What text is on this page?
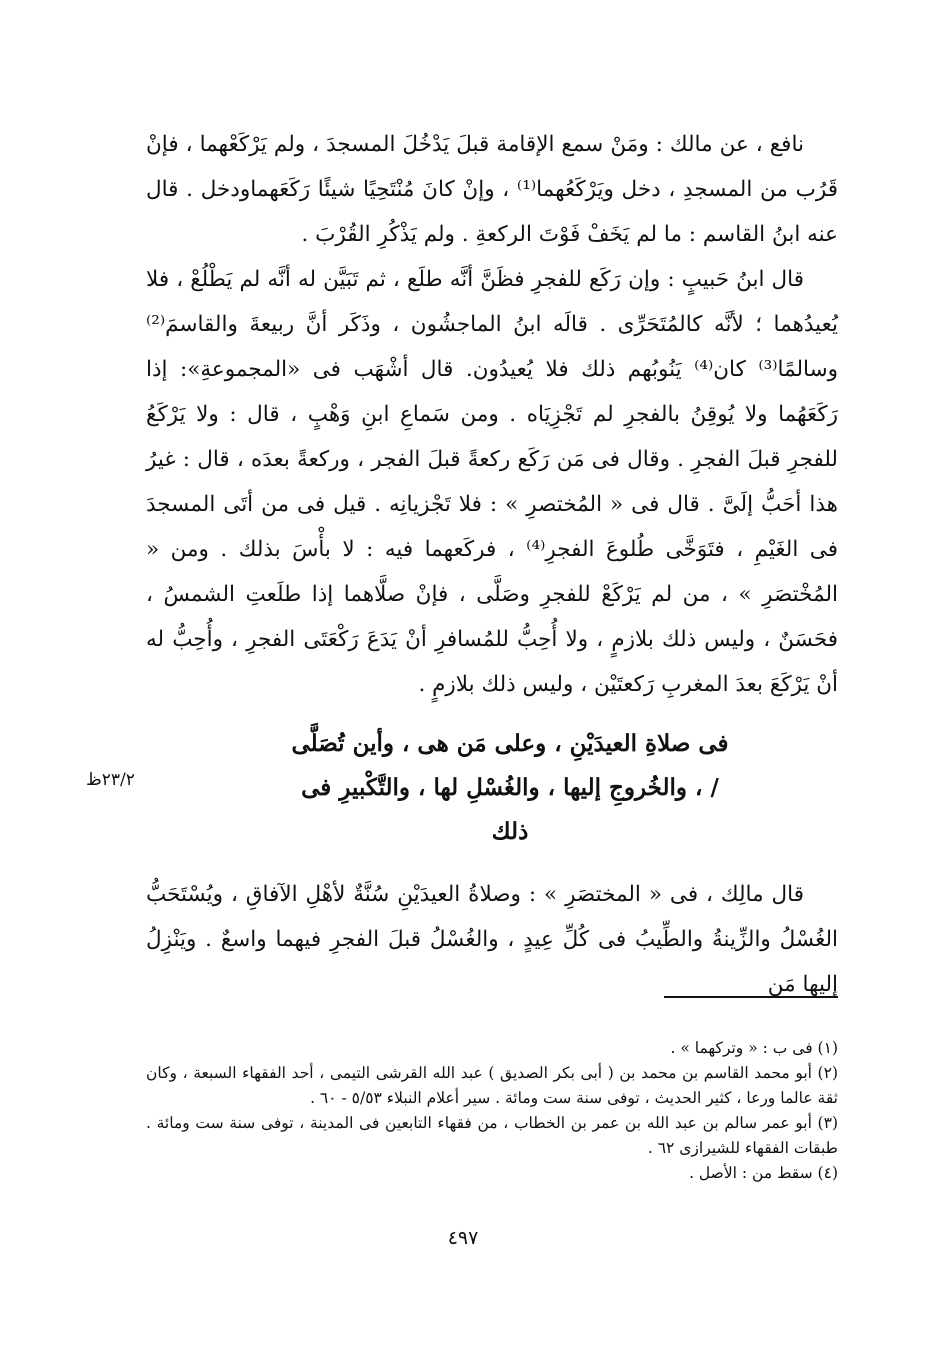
نافع ، عن مالك : ومَنْ سمع الإقامة قبلَ يَدْخُلَ المسجدَ ، ولم يَرْكَعْهما ، فإنْ قَرُب من المسجدِ ، دخل ويَرْكَعُهما⁽¹⁾ ، وإنْ كانَ مُنْتَحِيًا شيئًا رَكَعَهماودخل . قال عنه ابنُ القاسم : ما لم يَخَفْ فَوْتَ الركعةِ . ولم يَذْكُرِ القُرْبَ .

قال ابنُ حَبيبٍ : وإن رَكَع للفجرِ فظَنَّ أنَّه طلَع ، ثم تَبَيَّن له أنَّه لم يَطْلُعْ ، فلا يُعيدُهما ؛ لأنَّه كالمُتَحَرِّى . قالَه ابنُ الماجشُون ، وذَكَر أنَّ ربيعةَ والقاسمَ⁽²⁾ وسالمًا⁽³⁾ كان⁽⁴⁾ يَنُوبُهم ذلك فلا يُعيدُون. قال أشْهَب فى «المجموعةِ»: إذا رَكَعَهُما ولا يُوقِنُ بالفجرِ لم تَجْزِيَاه . ومن سَماعِ ابنِ وَهْبٍ ، قال : ولا يَرْكَعُ للفجرِ قبلَ الفجرِ . وقال فى مَن رَكَع ركعةً قبلَ الفجر ، وركعةً بعدَه ، قال : غيرُ هذا أحَبُّ إلَىَّ . قال فى « المُختصرِ » : فلا تَجْزيانِه . قيل فى من أتَى المسجدَ فى الغَيْمِ ، فتَوَخَّى طُلوعَ الفجرِ⁽⁴⁾ ، فركَعهما فيه : لا بأْسَ بذلك . ومن « المُخْتصَرِ » ، من لم يَرْكَعْ للفجرِ وصَلَّى ، فإنْ صلَّاهما إذا طلَعتِ الشمسُ ، فحَسَنٌ ، وليس ذلك بلازمٍ ، ولا أُحِبُّ للمُسافرِ أنْ يَدَعَ رَكْعَتَى الفجرِ ، وأُحِبُّ له أنْ يَرْكَعَ بعدَ المغربِ رَكعتَيْن ، وليس ذلك بلازمٍ .

فى صلاةِ العيدَيْنِ ، وعلى مَن هى ، وأين تُصَلَّى
/ ، والخُروجِ إليها ، والغُسْلِ لها ، والتَّكْبيرِ فى
ذلك
٢٣/٢ظ

قال مالِك ، فى « المختصَرِ » : وصلاةُ العيدَيْنِ سُنَّةٌ لأهْلِ الآفاقِ ، ويُسْتَحَبُّ الغُسْلُ والزِّينةُ والطِّيبُ فى كُلِّ عِيدٍ ، والغُسْلُ قبلَ الفجرِ فيهما واسعٌ . ويَنْزِلُ إليها مَن

(١) فى ب : « وتركهما » .

(٢) أبو محمد القاسم بن محمد بن ( أبى بكر الصديق ) عبد الله القرشى التيمى ، أحد الفقهاء السبعة ، وكان ثقة عالما ورعا ، كثير الحديث ، توفى سنة ست ومائة . سير أعلام النبلاء ٥/٥٣ - ٦٠ .

(٣) أبو عمر سالم بن عبد الله بن عمر بن الخطاب ، من فقهاء التابعين فى المدينة ، توفى سنة ست ومائة . طبقات الفقهاء للشيرازى ٦٢ .

(٤) سقط من : الأصل .

٤٩٧
